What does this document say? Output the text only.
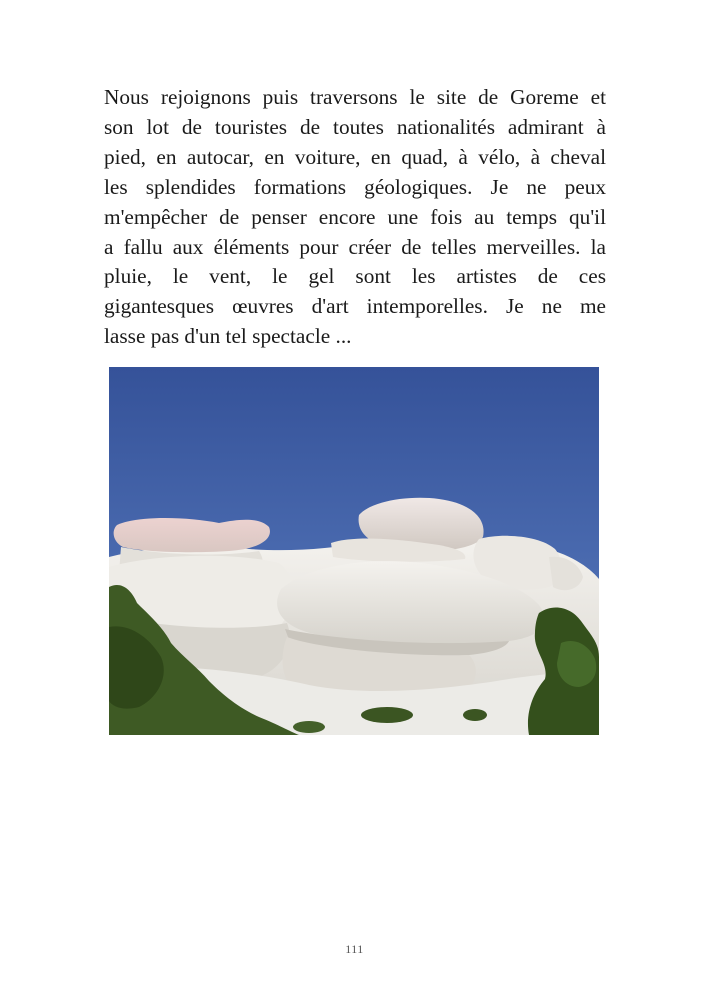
Nous rejoignons puis traversons le site de Goreme et
son lot de touristes de toutes nationalités admirant à
pied, en autocar, en voiture, en quad, à vélo, à cheval
les splendides formations géologiques. Je ne peux
m'empêcher de penser encore une fois au temps qu'il
a fallu aux éléments pour créer de telles merveilles. la
pluie, le vent, le gel sont les artistes de ces
gigantesques œuvres d'art intemporelles. Je ne me
lasse pas d'un tel spectacle ...

111
